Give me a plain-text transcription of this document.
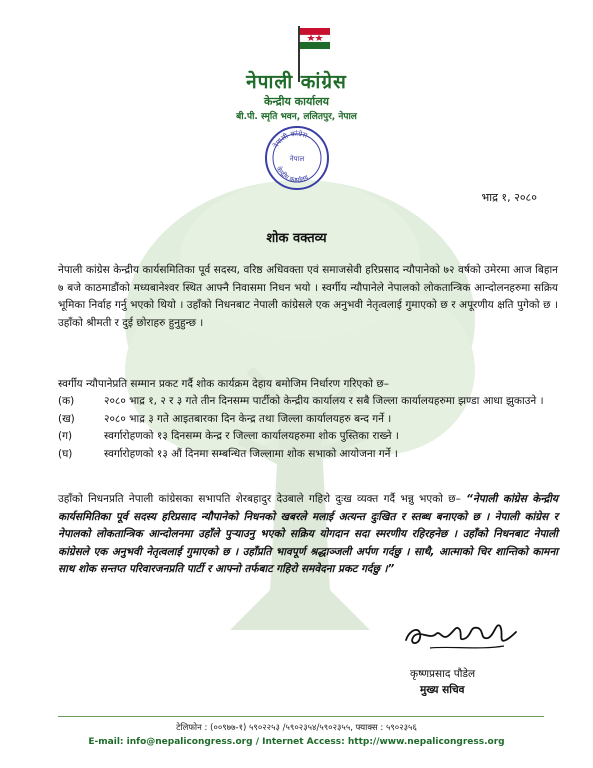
नेपाली कांग्रेस
केन्द्रीय कार्यालय
बी.पी. स्मृति भवन, ललितपुर, नेपाल
नेपाली कांग्रेस
नेपाल
केन्द्रीय कार्यालय
भाद्र १, २०८०
शोक वक्तव्य
नेपाली कांग्रेस केन्द्रीय कार्यसमितिका पूर्व सदस्य, वरिष्ठ अधिवक्ता एवं समाजसेवी हरिप्रसाद न्यौपानेको ७२ वर्षको उमेरमा आज बिहान ७ बजे काठमाडौंको मध्यबानेश्वर स्थित आफ्नै निवासमा निधन भयो । स्वर्गीय न्यौपानेले नेपालको लोकतान्त्रिक आन्दोलनहरुमा सक्रिय भूमिका निर्वाह गर्नु भएको थियो । उहाँको निधनबाट नेपाली कांग्रेसले एक अनुभवी नेतृत्वलाई गुमाएको छ र अपूरणीय क्षति पुगेको छ । उहाँको श्रीमती र दुई छोराहरु हुनुहुन्छ ।
स्वर्गीय न्यौपानेप्रति सम्मान प्रकट गर्दै शोक कार्यक्रम देहाय बमोजिम निर्धारण गरिएको छ–
(क)	२०८० भाद्र १, २ र ३ गते तीन दिनसम्म पार्टीको केन्द्रीय कार्यालय र सबै जिल्ला कार्यालयहरुमा झण्डा आधा झुकाउने ।
(ख)	२०८० भाद्र ३ गते आइतबारका दिन केन्द्र तथा जिल्ला कार्यालयहरु बन्द गर्ने ।
(ग)	स्वर्गारोहणको १३ दिनसम्म केन्द्र र जिल्ला कार्यालयहरुमा शोक पुस्तिका राख्ने ।
(घ)	स्वर्गारोहणको १३ औं दिनमा सम्बन्धित जिल्लामा शोक सभाको आयोजना गर्ने ।
उहाँको निधनप्रति नेपाली कांग्रेसका सभापति शेरबहादुर देउबाले गहिरो दुःख व्यक्त गर्दै भन्नु भएको छ– “नेपाली कांग्रेस केन्द्रीय कार्यसमितिका पूर्व सदस्य हरिप्रसाद न्यौपानेको निधनको खबरले मलाई अत्यन्त दुःखित र स्तब्ध बनाएको छ । नेपाली कांग्रेस र नेपालको लोकतान्त्रिक आन्दोलनमा उहाँले पुर्‍याउनु भएको सक्रिय योगदान सदा स्मरणीय रहिरहनेछ । उहाँको निधनबाट नेपाली कांग्रेसले एक अनुभवी नेतृत्वलाई गुमाएको छ । उहाँप्रति भावपूर्ण श्रद्धाञ्जली अर्पण गर्दछु । साथै, आत्माको चिर शान्तिको कामना साथ शोक सन्तप्त परिवारजनप्रति पार्टी र आफ्नो तर्फबाट गहिरो समवेदना प्रकट गर्दछु ।”
कृष्णप्रसाद पौडेल
मुख्य सचिव
टेलिफोन : (००९७७-१) ५९०२२५३ /५९०२३५४/५९०२३५५, फ्याक्स : ५९०२३५६
E-mail: info@nepalicongress.org / Internet Access: http://www.nepalicongress.org
